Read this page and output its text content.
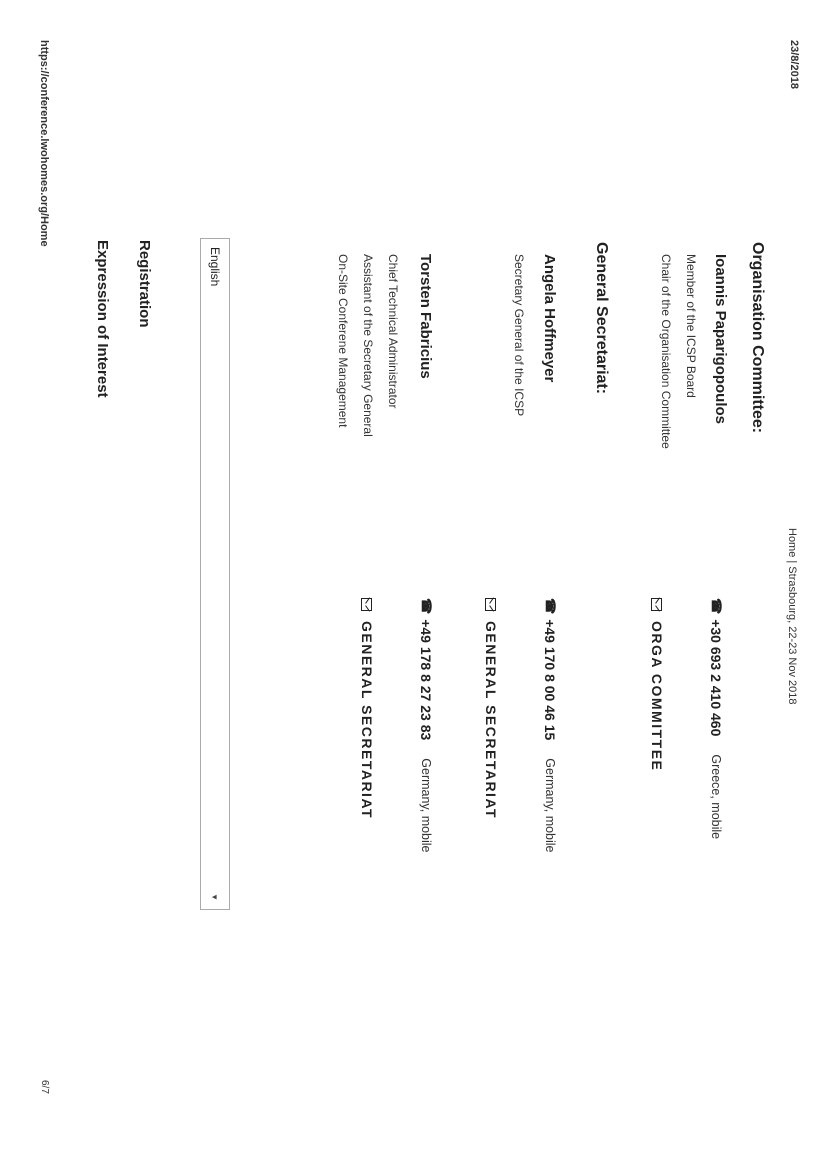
23/8/2018
Home | Strasbourg, 22-23 Nov 2018
Organisation Committee:
Ioannis Paparigopoulos
Member of the ICSP Board
Chair of the Organisation Committee
☎
+30 693 2 410 460
Greece, mobile
ORGA COMMITTEE
General Secretariat:
Angela Hoffmeyer
Secretary General of the ICSP
☎
+49 170 8 00 46 15
Germany, mobile
GENERAL SECRETARIAT
Torsten Fabricius
Chief Technical Administrator
Assistant of the Secretary General
On-Site Conferene Management
☎
+49 178 8 27 23 83
Germany, mobile
GENERAL SECRETARIAT
English
▼
Registration
Expression of Interest
https://conference.lwohomes.org/Home
6/7
